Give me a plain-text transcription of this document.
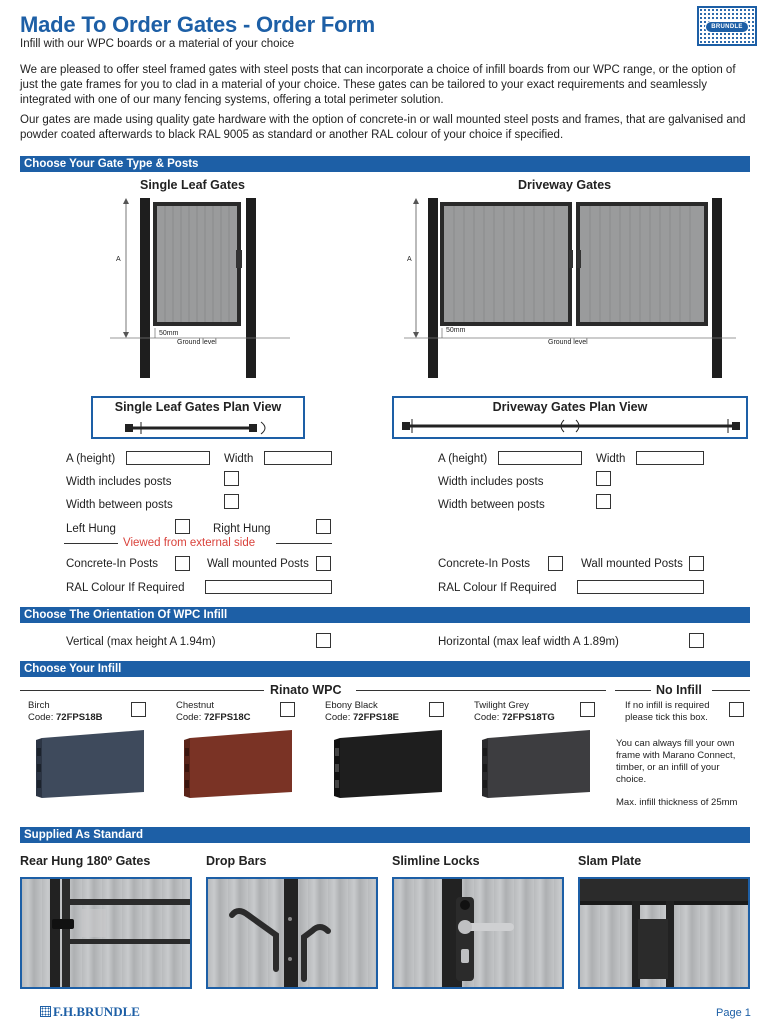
Made To Order Gates - Order Form
Infill with our WPC boards or a material of your choice
BRUNDLE
We are pleased to offer steel framed gates with steel posts that can incorporate a choice of infill boards from our WPC range, or the option of just the gate frames for you to clad in a material of your choice. These gates can be tailored to your exact requirements and seamlessly integrated with one of our many fencing systems, offering a total perimeter solution.
Our gates are made using quality gate hardware with the option of concrete-in or wall mounted steel posts and frames, that are galvanised and powder coated afterwards to black RAL 9005 as standard or another RAL colour of your choice if specified.
Choose Your Gate Type & Posts
Single Leaf Gates	Driveway Gates
A
50mm
Ground level
A
50mm
Ground level
Single Leaf Gates Plan View	Driveway Gates Plan View
A (height)	Width
Width includes posts
Width between posts
Left Hung	Right Hung
Viewed from external side
Concrete-In Posts	Wall mounted Posts
RAL Colour If Required
A (height)	Width
Width includes posts
Width between posts
Concrete-In Posts	Wall mounted Posts
RAL Colour If Required
Choose The Orientation Of WPC Infill
Vertical (max height A 1.94m)	Horizontal (max leaf width A 1.89m)
Choose Your Infill
Rinato WPC	No Infill
Birch
Code: 72FPS18B
Chestnut
Code: 72FPS18C
Ebony Black
Code: 72FPS18E
Twilight Grey
Code: 72FPS18TG
If no infill is required please tick this box.
You can always fill your own frame with Marano Connect, timber, or an infill of your choice.
Max. infill thickness of 25mm
Supplied As Standard
Rear Hung 180º Gates	Drop Bars	Slimline Locks	Slam Plate
F.H.BRUNDLE	Page 1
